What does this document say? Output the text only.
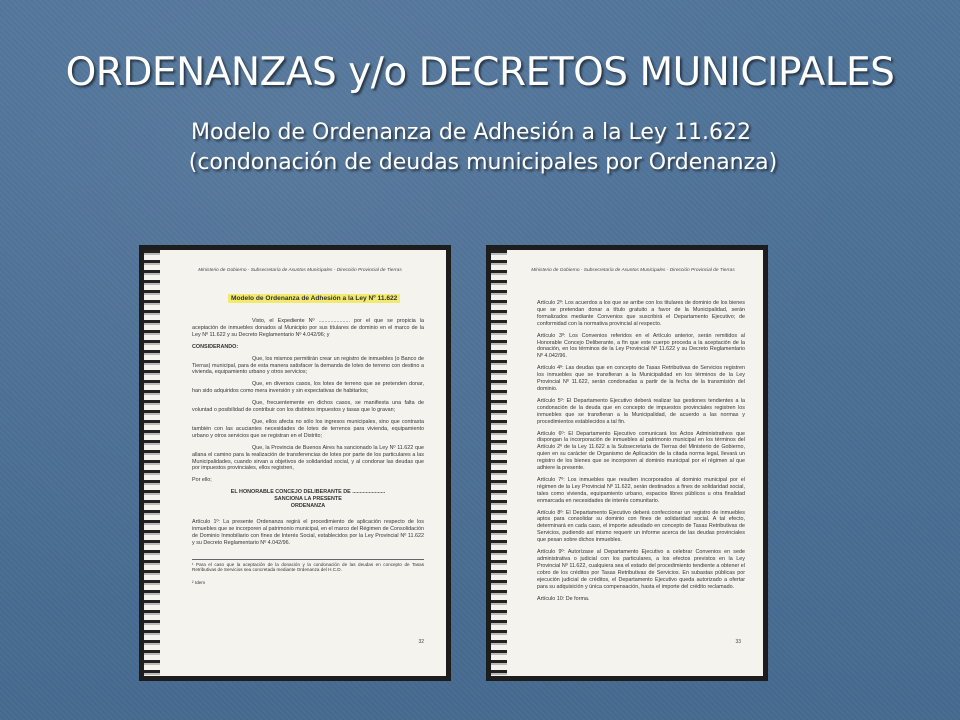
ORDENANZAS y/o DECRETOS MUNICIPALES
Modelo de Ordenanza de Adhesión a la Ley 11.622
(condonación de deudas municipales por Ordenanza)
Ministerio de Gobierno - Subsecretaría de Asuntos Municipales - Dirección Provincial de Tierras
Modelo de Ordenanza de Adhesión a la Ley Nº 11.622

Visto, el Expediente Nº ..................... por el que se propicia la aceptación de inmuebles donados al Municipio por sus titulares de dominio en el marco de la Ley Nº 11.622 y su Decreto Reglamentario Nº 4.042/96; y

CONSIDERANDO:

Que, los mismos permitirán crear un registro de inmuebles (o Banco de Tierras) municipal, para de esta manera satisfacer la demanda de lotes de terreno con destino a vivienda, equipamiento urbano y otros servicios;

Que, en diversos casos, los lotes de terreno que se pretenden donar, han sido adquiridos como mera inversión y sin expectativas de habitarlos;

Que, frecuentemente en dichos casos, se manifiesta una falta de voluntad o posibilidad de contribuir con los distintos impuestos y tasas que lo gravan;

Que, ellos afecta no sólo los ingresos municipales, sino que contrasta también con las acuciantes necesidades de lotes de terrenos para vivienda, equipamiento urbano y otros servicios que se registran en el Distrito;

Que, la Provincia de Buenos Aires ha sancionado la Ley Nº 11.622 que allana el camino para la realización de transferencias de lotes por parte de los particulares a las Municipalidades, cuando sirvan a objetivos de solidaridad social, y al condonar las deudas que por impuestos provinciales, ellos registren,

Por ello;

EL HONORABLE CONCEJO DELIBERANTE DE ......................

SANCIONA LA PRESENTE

ORDENANZA

Artículo 1º: La presente Ordenanza regirá el procedimiento de aplicación respecto de los inmuebles que se incorporen al patrimonio municipal, en el marco del Régimen de Consolidación de Dominio Inmobiliario con fines de Interés Social, establecidos por la Ley Provincial Nº 11.622 y su Decreto Reglamentario Nº 4.042/96.

¹ Para el caso que la aceptación de la donación y la condonación de las deudas en concepto de Tasas Retributivas de Servicios sea concretada mediante Ordenanza del H.C.D.

² Idem

32
Ministerio de Gobierno - Subsecretaría de Asuntos Municipales - Dirección Provincial de Tierras

Artículo 2º: Los acuerdos a los que se arribe con los titulares de dominio de los bienes que se pretendan donar a título gratuito a favor de la Municipalidad, serán formalizados mediante Convenios que suscribirá el Departamento Ejecutivo; de conformidad con la normativa provincial al respecto.

Artículo 3º: Los Convenios referidos en el Artículo anterior, serán remitidos al Honorable Concejo Deliberante, a fin que este cuerpo proceda a la aceptación de la donación, en los términos de la Ley Provincial Nº 11.622 y su Decreto Reglamentario Nº 4.042/96.

Artículo 4º: Las deudas que en concepto de Tasas Retributivas de Servicios registren los inmuebles que se transfieran a la Municipalidad en los términos de la Ley Provincial Nº 11.622, serán condonadas a partir de la fecha de la transmisión del dominio.

Artículo 5º: El Departamento Ejecutivo deberá realizar las gestiones tendientes a la condonación de la deuda que en concepto de impuestos provinciales registren los inmuebles que se transfieran a la Municipalidad, de acuerdo a las normas y procedimientos establecidos a tal fin.

Artículo 6º: El Departamento Ejecutivo comunicará los Actos Administrativos que dispongan la incorporación de inmuebles al patrimonio municipal en los términos del Artículo 2º de la Ley 11.622 a la Subsecretaría de Tierras del Ministerio de Gobierno, quien en su carácter de Organismo de Aplicación de la citada norma legal, llevará un registro de los bienes que se incorporen al dominio municipal por el régimen al que adhiere la presente.

Artículo 7º: Los inmuebles que resulten incorporados al dominio municipal por el régimen de la Ley Provincial Nº 11.622, serán destinados a fines de solidaridad social, tales como vivienda, equipamiento urbano, espacios libres públicos u otra finalidad enmarcada en necesidades de interés comunitario.

Artículo 8º: El Departamento Ejecutivo deberá confeccionar un registro de inmuebles aptos para consolidar su dominio con fines de solidaridad social. A tal efecto, determinará en cada caso, el importe adeudado en concepto de Tasas Retributivas de Servicios, pudiendo así mismo requerir un informe acerca de las deudas provinciales que pesan sobre dichos inmuebles.

Artículo 9º: Autorízase al Departamento Ejecutivo a celebrar Convenios en sede administrativa o judicial con los particulares, a los efectos previstos en la Ley Provincial Nº 11.622, cualquiera sea el estado del procedimiento tendiente a obtener el cobro de los créditos por Tasas Retributivas de Servicios. En subastas públicas por ejecución judicial de créditos, el Departamento Ejecutivo queda autorizado a ofertar para su adquisición y única compensación, hasta el importe del crédito reclamado.

Artículo 10: De forma.

33
